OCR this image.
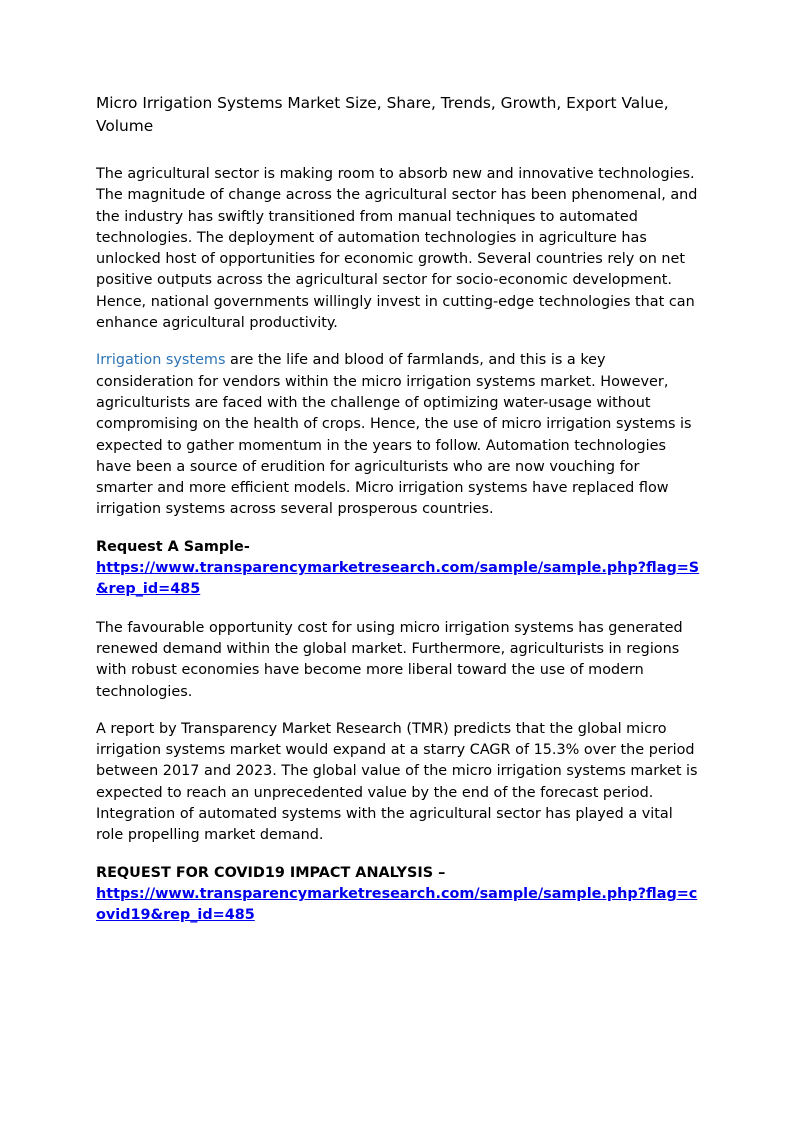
Micro Irrigation Systems Market Size, Share, Trends, Growth, Export Value, Volume

The agricultural sector is making room to absorb new and innovative technologies. The magnitude of change across the agricultural sector has been phenomenal, and the industry has swiftly transitioned from manual techniques to automated technologies. The deployment of automation technologies in agriculture has unlocked host of opportunities for economic growth. Several countries rely on net positive outputs across the agricultural sector for socio-economic development. Hence, national governments willingly invest in cutting-edge technologies that can enhance agricultural productivity.

Irrigation systems are the life and blood of farmlands, and this is a key consideration for vendors within the micro irrigation systems market. However, agriculturists are faced with the challenge of optimizing water-usage without compromising on the health of crops. Hence, the use of micro irrigation systems is expected to gather momentum in the years to follow. Automation technologies have been a source of erudition for agriculturists who are now vouching for smarter and more efficient models. Micro irrigation systems have replaced flow irrigation systems across several prosperous countries.

Request A Sample-
https://www.transparencymarketresearch.com/sample/sample.php?flag=S&rep_id=485

The favourable opportunity cost for using micro irrigation systems has generated renewed demand within the global market. Furthermore, agriculturists in regions with robust economies have become more liberal toward the use of modern technologies.

A report by Transparency Market Research (TMR) predicts that the global micro irrigation systems market would expand at a starry CAGR of 15.3% over the period between 2017 and 2023. The global value of the micro irrigation systems market is expected to reach an unprecedented value by the end of the forecast period. Integration of automated systems with the agricultural sector has played a vital role propelling market demand.

REQUEST FOR COVID19 IMPACT ANALYSIS –
https://www.transparencymarketresearch.com/sample/sample.php?flag=covid19&rep_id=485
